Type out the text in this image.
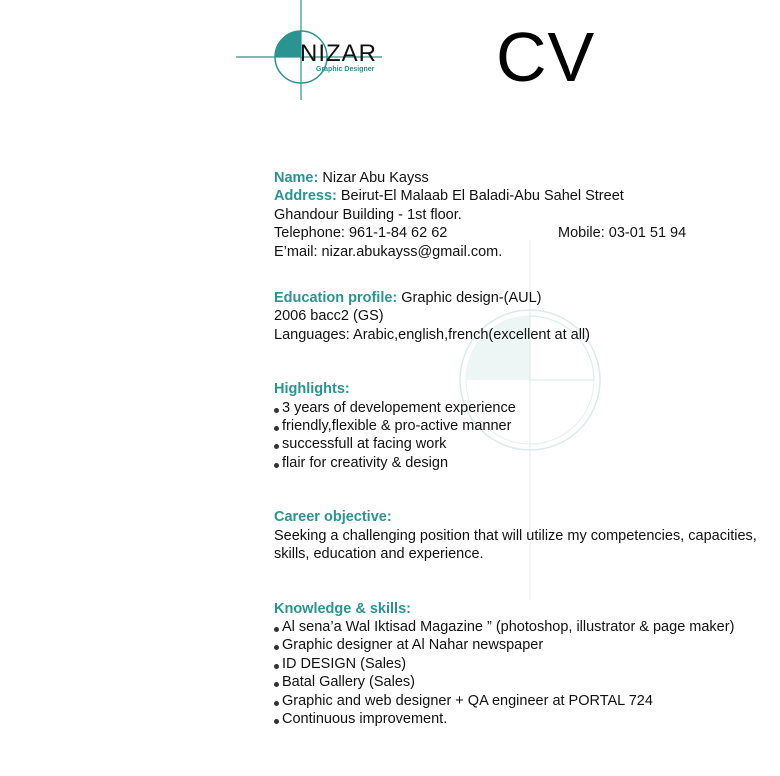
NIZAR
Graphic Designer CV
Name: Nizar Abu Kayss
Address: Beirut-El Malaab El Baladi-Abu Sahel Street
Ghandour Building - 1st floor.
Telephone: 961-1-84 62 62	Mobile: 03-01 51 94
E’mail: nizar.abukayss@gmail.com.
Education profile: Graphic design-(AUL)
2006 bacc2 (GS)
Languages: Arabic,english,french(excellent at all)
Highlights:
3 years of developement experience
friendly,flexible & pro-active manner
successfull at facing work
flair for creativity & design
Career objective:
Seeking a challenging position that will utilize my competencies, capacities,
skills, education and experience.
Knowledge & skills:
Al sena’a Wal Iktisad Magazine ” (photoshop, illustrator & page maker)
Graphic designer at Al Nahar newspaper
ID DESIGN (Sales)
Batal Gallery (Sales)
Graphic and web designer + QA engineer at PORTAL 724
Continuous improvement.
